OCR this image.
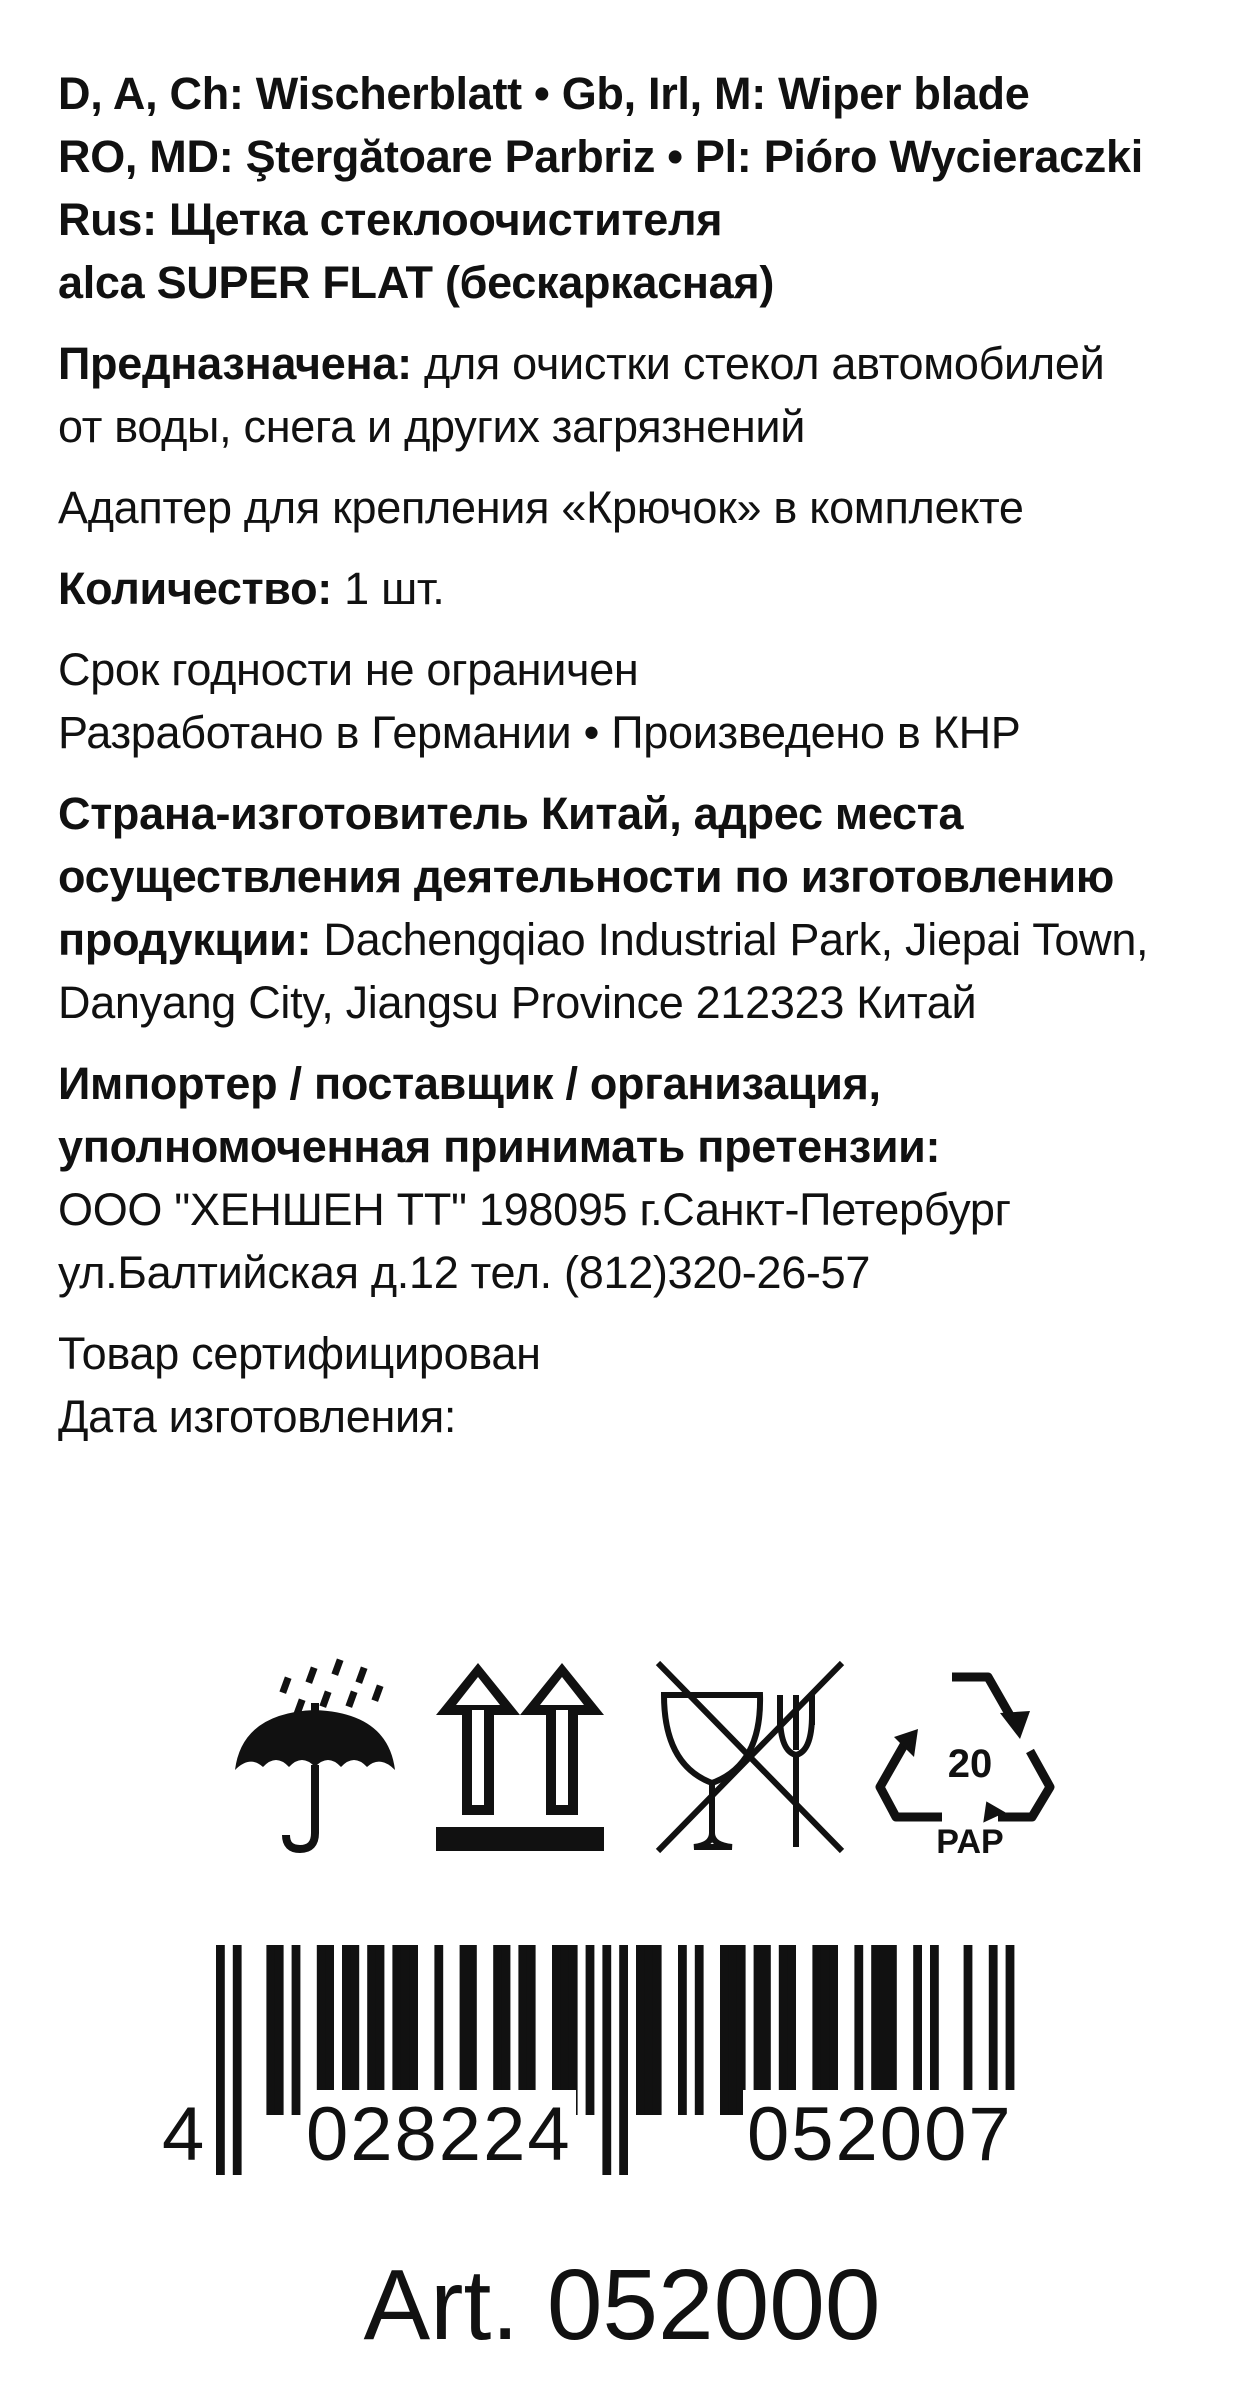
D, A, Ch: Wischerblatt • Gb, Irl, M: Wiper blade
RO, MD: Ştergătoare Parbriz • Pl: Pióro Wycieraczki
Rus: Щетка стеклоочистителя
alca SUPER FLAT (бескаркасная)
Предназначена: для очистки стекол автомобилей
от воды, снега и других загрязнений
Адаптер для крепления «Крючок» в комплекте
Количество: 1 шт.
Срок годности не ограничен
Разработано в Германии • Произведено в КНР
Страна-изготовитель Китай, адрес места
осуществления деятельности по изготовлению
продукции: Dachengqiao Industrial Park, Jiepai Town,
Danyang City, Jiangsu Province 212323 Китай
Импортер / поставщик / организация,
уполномоченная принимать претензии:
ООО "ХЕНШЕН ТТ" 198095 г.Санкт-Петербург
ул.Балтийская д.12 тел. (812)320-26-57
Товар сертифицирован
Дата изготовления:
20
PAP
4 028224 052007
Art. 052000
